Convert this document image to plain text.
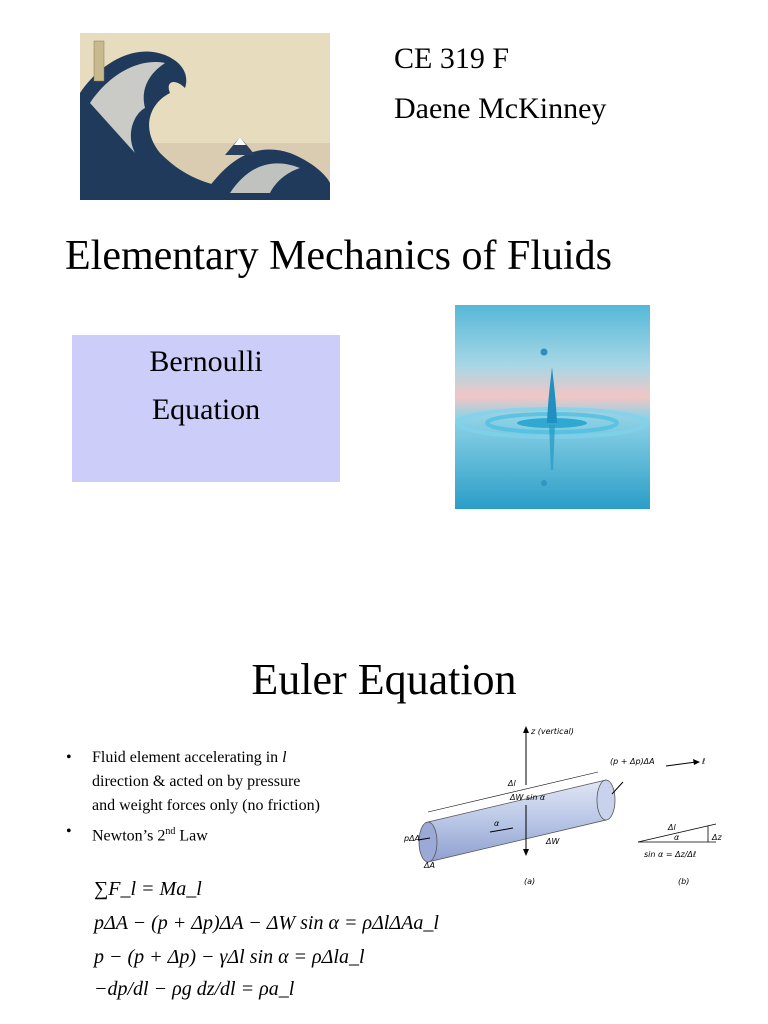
CE 319 F
Daene McKinney
Elementary Mechanics of Fluids
Bernoulli
Equation
Euler Equation
• Fluid element accelerating in l
direction & acted on by pressure
and weight forces only (no friction)
• Newton’s 2nd Law
z (vertical)
(p + Δp)ΔA	ℓ
Δl
ΔW sin α
α
ΔW
pΔA
ΔA
(a)
Δl
α	Δz
sin α = Δz/Δℓ
(b)
∑F_l = Ma_l
pΔA − (p + Δp)ΔA − ΔW sin α = ρΔlΔAa_l
p − (p + Δp) − γΔl sin α = ρΔla_l
−dp/dl − ρg dz/dl = ρa_l
